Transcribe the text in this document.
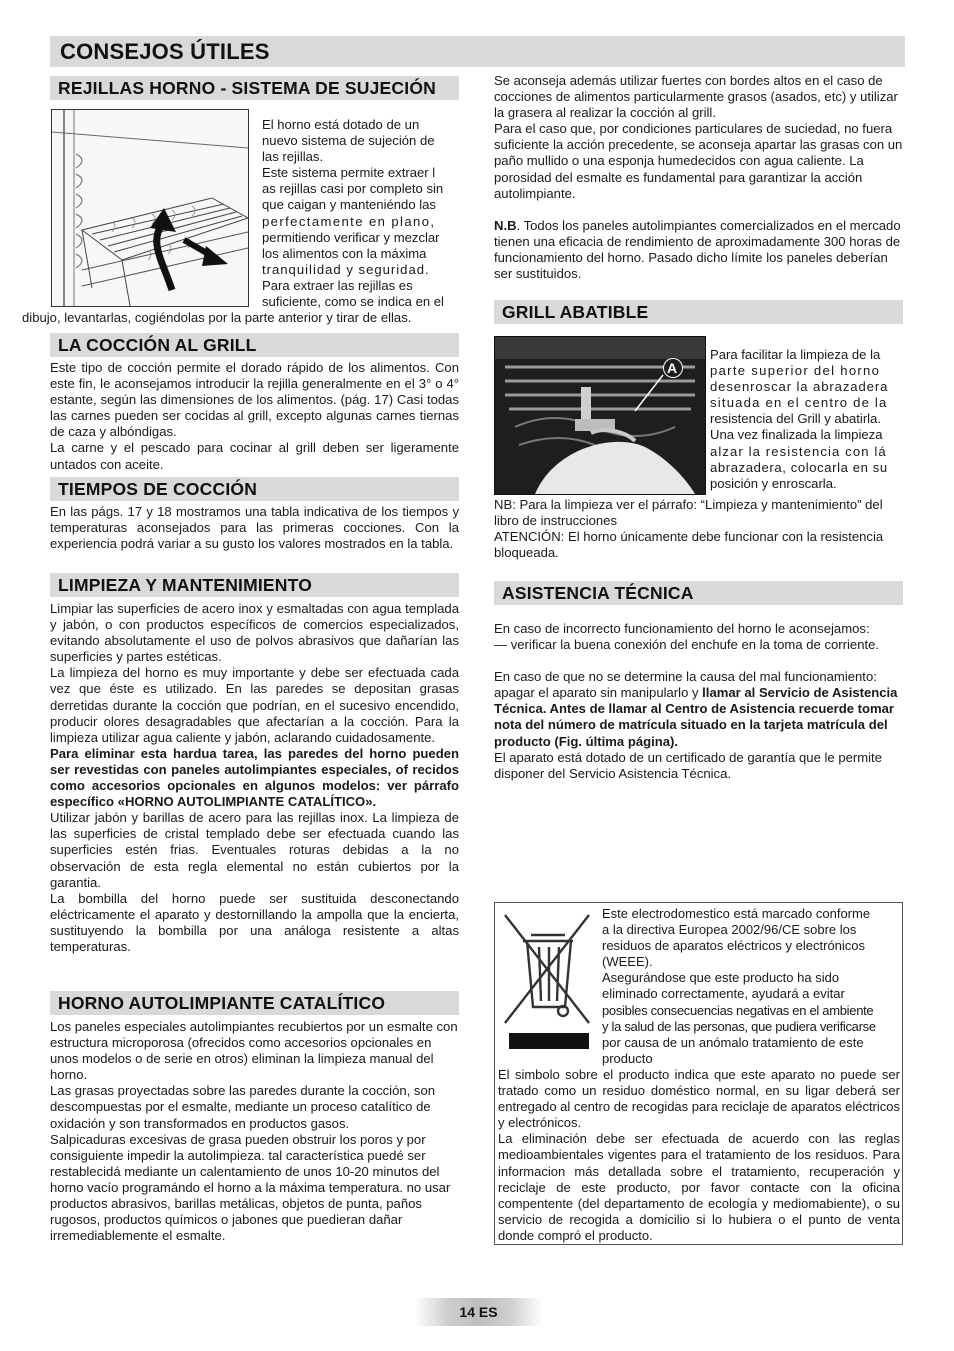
CONSEJOS ÚTILES
REJILLAS HORNO - SISTEMA DE SUJECIÓN

El horno está dotado de un

nuevo sistema de sujeción de

las rejillas.

Este sistema permite extraer l

as rejillas casi por completo sin

que caigan y manteniéndo las

perfectamente en plano,

permitiendo verificar y mezclar

los alimentos con la máxima

tranquilidad y seguridad.

Para extraer las rejillas es

suficiente, como se indica en el

dibujo, levantarlas, cogiéndolas por la parte anterior y tirar de ellas.
LA COCCIÓN AL GRILL

Este tipo de cocción permite el dorado rápido de los alimentos. Con este fin, le aconsejamos introducir la rejilla generalmente en el 3° o 4° estante, según las dimensiones de los alimentos. (pág. 17) Casi todas las carnes pueden ser cocidas al grill, excepto algunas carnes tiernas de caza y albóndigas.

La carne y el pescado para cocinar al grill deben ser ligeramente untados con aceite.

TIEMPOS DE COCCIÓN

En las págs. 17 y 18 mostramos una tabla indicativa de los tiempos y temperaturas aconsejados para las primeras cocciones. Con la experiencia podrá variar a su gusto los valores mostrados en la tabla.

LIMPIEZA Y MANTENIMIENTO

Limpiar las superficies de acero inox y esmaltadas con agua templada y jabón, o con productos específicos de comercios especializados, evitando absolutamente el uso de polvos abrasivos que dañarían las superficies y partes estéticas.

La limpieza del horno es muy importante y debe ser efectuada cada vez que éste es utilizado. En las paredes se depositan grasas derretidas durante la cocción que podrían, en el sucesivo encendido, producir olores desagradables que afectarían a la cocción. Para la limpieza utilizar agua caliente y jabón, aclarando cuidadosamente.

Para eliminar esta hardua tarea, las paredes del horno pueden ser revestidas con paneles autolimpiantes especiales, of recidos como accesorios opcionales en algunos modelos: ver párrafo específico «HORNO AUTOLIMPIANTE CATALÍTICO».

Utilizar jabón y barillas de acero para las rejillas inox. La limpieza de las superficies de cristal templado debe ser efectuada cuando las superficies estén frias. Eventuales roturas debidas a la no observación de esta regla elemental no están cubiertos por la garantia.

La bombilla del horno puede ser sustituida desconectando eléctricamente el aparato y destornillando la ampolla que la encierta, sustituyendo la bombilla por una análoga resistente a altas temperaturas.

HORNO AUTOLIMPIANTE CATALÍTICO

Los paneles especiales autolimpiantes recubiertos por un esmalte con estructura microporosa (ofrecidos como accesorios opcionales en unos modelos o de serie en otros) eliminan la limpieza manual del horno.

Las grasas proyectadas sobre las paredes durante la cocción, son descompuestas por el esmalte, mediante un proceso catalítico de oxidación y son transformados en productos gasos.

Salpicaduras excesivas de grasa pueden obstruir los poros y por consiguiente impedir la autolimpieza. tal característica puedé ser restablecidá mediante un calentamiento de unos 10-20 minutos del horno vacío programándo el horno a la máxima temperatura. no usar productos abrasivos, barillas metálicas, objetos de punta, paños rugosos, productos químicos o jabones que puedieran dañar irremediablemente el esmalte.

Se aconseja además utilizar fuertes con bordes altos en el caso de cocciones de alimentos particularmente grasos (asados, etc) y utilizar la grasera al realizar la cocción al grill.

Para el caso que, por condiciones particulares de suciedad, no fuera suficiente la acción precedente, se aconseja apartar las grasas con un paño mullido o una esponja humedecidos con agua caliente. La porosidad del esmalte es fundamental para garantizar la acción autolimpiante.

N.B. Todos los paneles autolimpiantes comercializados en el mercado tienen una eficacia de rendimiento de aproximadamente 300 horas de funcionamiento del horno. Pasado dicho límite los paneles deberían ser sustituidos.

GRILL ABATIBLE
A

Para facilitar la limpieza de la

parte superior del horno

desenroscar la abrazadera

situada en el centro de la

resistencia del Grill y abatirla.

Una vez finalizada la limpieza

alzar la resistencia con lá

abrazadera, colocarla en su

posición y enroscarla.

NB: Para la limpieza ver el párrafo: “Limpieza y mantenimiento” del libro de instrucciones

ATENCIÓN: El horno únicamente debe funcionar con la resistencia bloqueada.

ASISTENCIA TÉCNICA

En caso de incorrecto funcionamiento del horno le aconsejamos:

— verificar la buena conexión del enchufe en la toma de corriente.

En caso de que no se determine la causa del mal funcionamiento: apagar el aparato sin manipularlo y llamar al Servicio de Asistencia Técnica. Antes de llamar al Centro de Asistencia recuerde tomar nota del número de matrícula situado en la tarjeta matrícula del producto (Fig. última página).

El aparato está dotado de un certificado de garantía que le permite disponer del Servicio Asistencia Técnica.

Este electrodomestico está marcado conforme

a la directiva Europea 2002/96/CE sobre los

residuos de aparatos eléctricos y electrónicos

(WEEE).

Asegurándose que este producto ha sido

eliminado correctamente, ayudará a evitar

posibles consecuencias negativas en el ambiente

y la salud de las personas, que pudiera verificarse

por causa de un anómalo tratamiento de este

producto

El simbolo sobre el producto indica que este aparato no puede ser tratado como un residuo doméstico normal, en su ligar deberá ser entregado al centro de recogidas para reciclaje de aparatos eléctricos y electrónicos.

La eliminación debe ser efectuada de acuerdo con las reglas medioambientales vigentes para el tratamiento de los residuos. Para informacion más detallada sobre el tratamiento, recuperación y reciclaje de este producto, por favor contacte con la oficina compentente (del departamento de ecología y mediomabiente), o su servicio de recogida a domicilio si lo hubiera o el punto de venta donde compró el producto.

14 ES
